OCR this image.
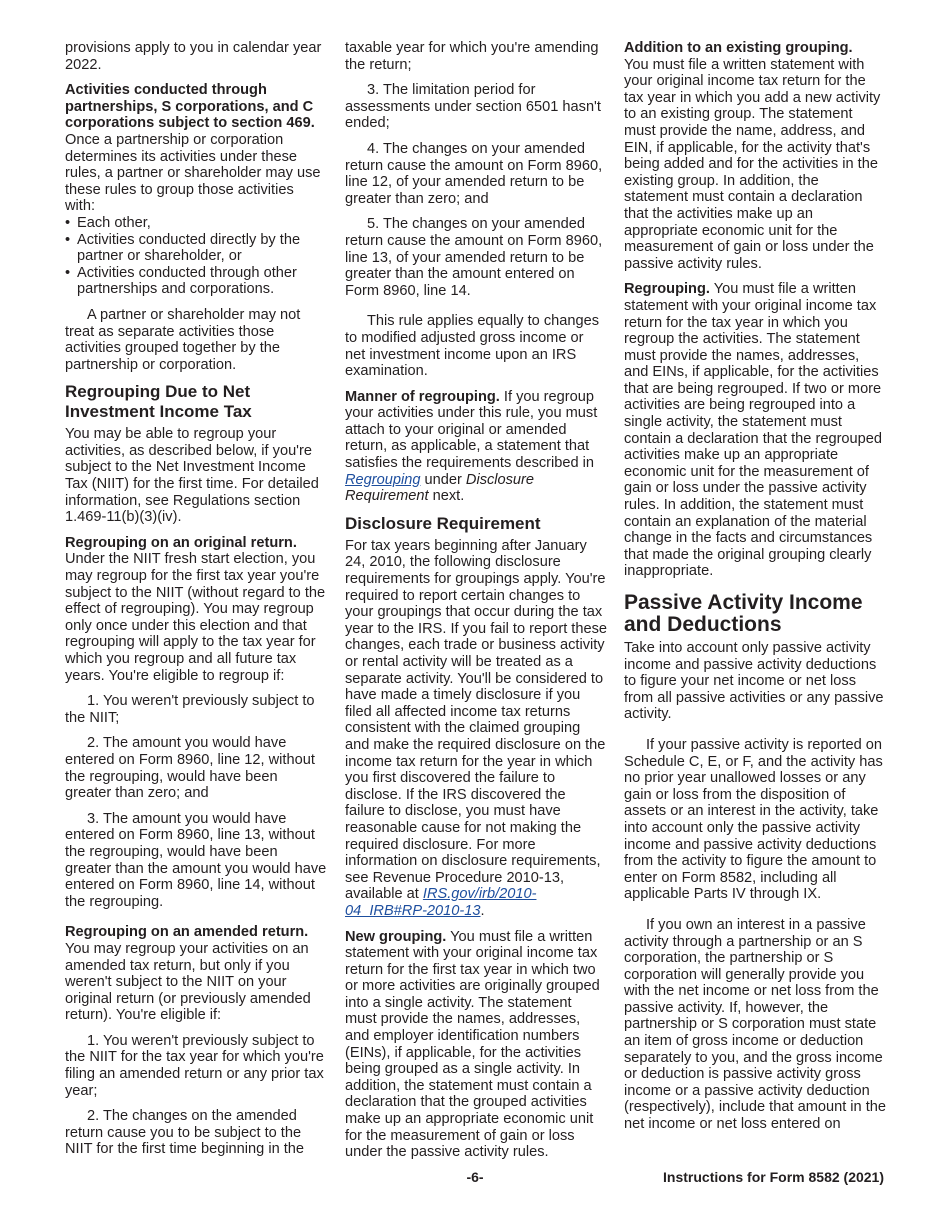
provisions apply to you in calendar year 2022.

Activities conducted through partnerships, S corporations, and C corporations subject to section 469. Once a partnership or corporation determines its activities under these rules, a partner or shareholder may use these rules to group those activities with:

• Each other,

• Activities conducted directly by the partner or shareholder, or

• Activities conducted through other partnerships and corporations.

A partner or shareholder may not treat as separate activities those activities grouped together by the partnership or corporation.

Regrouping Due to Net Investment Income Tax

You may be able to regroup your activities, as described below, if you're subject to the Net Investment Income Tax (NIIT) for the first time. For detailed information, see Regulations section 1.469-11(b)(3)(iv).

Regrouping on an original return. Under the NIIT fresh start election, you may regroup for the first tax year you're subject to the NIIT (without regard to the effect of regrouping). You may regroup only once under this election and that regrouping will apply to the tax year for which you regroup and all future tax years. You're eligible to regroup if:

1. You weren't previously subject to the NIIT;

2. The amount you would have entered on Form 8960, line 12, without the regrouping, would have been greater than zero; and

3. The amount you would have entered on Form 8960, line 13, without the regrouping, would have been greater than the amount you would have entered on Form 8960, line 14, without the regrouping.

Regrouping on an amended return. You may regroup your activities on an amended tax return, but only if you weren't subject to the NIIT on your original return (or previously amended return). You're eligible if:

1. You weren't previously subject to the NIIT for the tax year for which you're filing an amended return or any prior tax year;

2. The changes on the amended return cause you to be subject to the NIIT for the first time beginning in the

taxable year for which you're amending the return;

3. The limitation period for assessments under section 6501 hasn't ended;

4. The changes on your amended return cause the amount on Form 8960, line 12, of your amended return to be greater than zero; and

5. The changes on your amended return cause the amount on Form 8960, line 13, of your amended return to be greater than the amount entered on Form 8960, line 14.

This rule applies equally to changes to modified adjusted gross income or net investment income upon an IRS examination.

Manner of regrouping. If you regroup your activities under this rule, you must attach to your original or amended return, as applicable, a statement that satisfies the requirements described in Regrouping under Disclosure Requirement next.

Disclosure Requirement

For tax years beginning after January 24, 2010, the following disclosure requirements for groupings apply. You're required to report certain changes to your groupings that occur during the tax year to the IRS. If you fail to report these changes, each trade or business activity or rental activity will be treated as a separate activity. You'll be considered to have made a timely disclosure if you filed all affected income tax returns consistent with the claimed grouping and make the required disclosure on the income tax return for the year in which you first discovered the failure to disclose. If the IRS discovered the failure to disclose, you must have reasonable cause for not making the required disclosure. For more information on disclosure requirements, see Revenue Procedure 2010-13, available at IRS.gov/irb/2010-04_IRB#RP-2010-13.

New grouping. You must file a written statement with your original income tax return for the first tax year in which two or more activities are originally grouped into a single activity. The statement must provide the names, addresses, and employer identification numbers (EINs), if applicable, for the activities being grouped as a single activity. In addition, the statement must contain a declaration that the grouped activities make up an appropriate economic unit for the measurement of gain or loss under the passive activity rules.

Addition to an existing grouping.
You must file a written statement with your original income tax return for the tax year in which you add a new activity to an existing group. The statement must provide the name, address, and EIN, if applicable, for the activity that's being added and for the activities in the existing group. In addition, the statement must contain a declaration that the activities make up an appropriate economic unit for the measurement of gain or loss under the passive activity rules.

Regrouping. You must file a written statement with your original income tax return for the tax year in which you regroup the activities. The statement must provide the names, addresses, and EINs, if applicable, for the activities that are being regrouped. If two or more activities are being regrouped into a single activity, the statement must contain a declaration that the regrouped activities make up an appropriate economic unit for the measurement of gain or loss under the passive activity rules. In addition, the statement must contain an explanation of the material change in the facts and circumstances that made the original grouping clearly inappropriate.

Passive Activity Income and Deductions

Take into account only passive activity income and passive activity deductions to figure your net income or net loss from all passive activities or any passive activity.

If your passive activity is reported on Schedule C, E, or F, and the activity has no prior year unallowed losses or any gain or loss from the disposition of assets or an interest in the activity, take into account only the passive activity income and passive activity deductions from the activity to figure the amount to enter on Form 8582, including all applicable Parts IV through IX.

If you own an interest in a passive activity through a partnership or an S corporation, the partnership or S corporation will generally provide you with the net income or net loss from the passive activity. If, however, the partnership or S corporation must state an item of gross income or deduction separately to you, and the gross income or deduction is passive activity gross income or a passive activity deduction (respectively), include that amount in the net income or net loss entered on

-6-	Instructions for Form 8582 (2021)
